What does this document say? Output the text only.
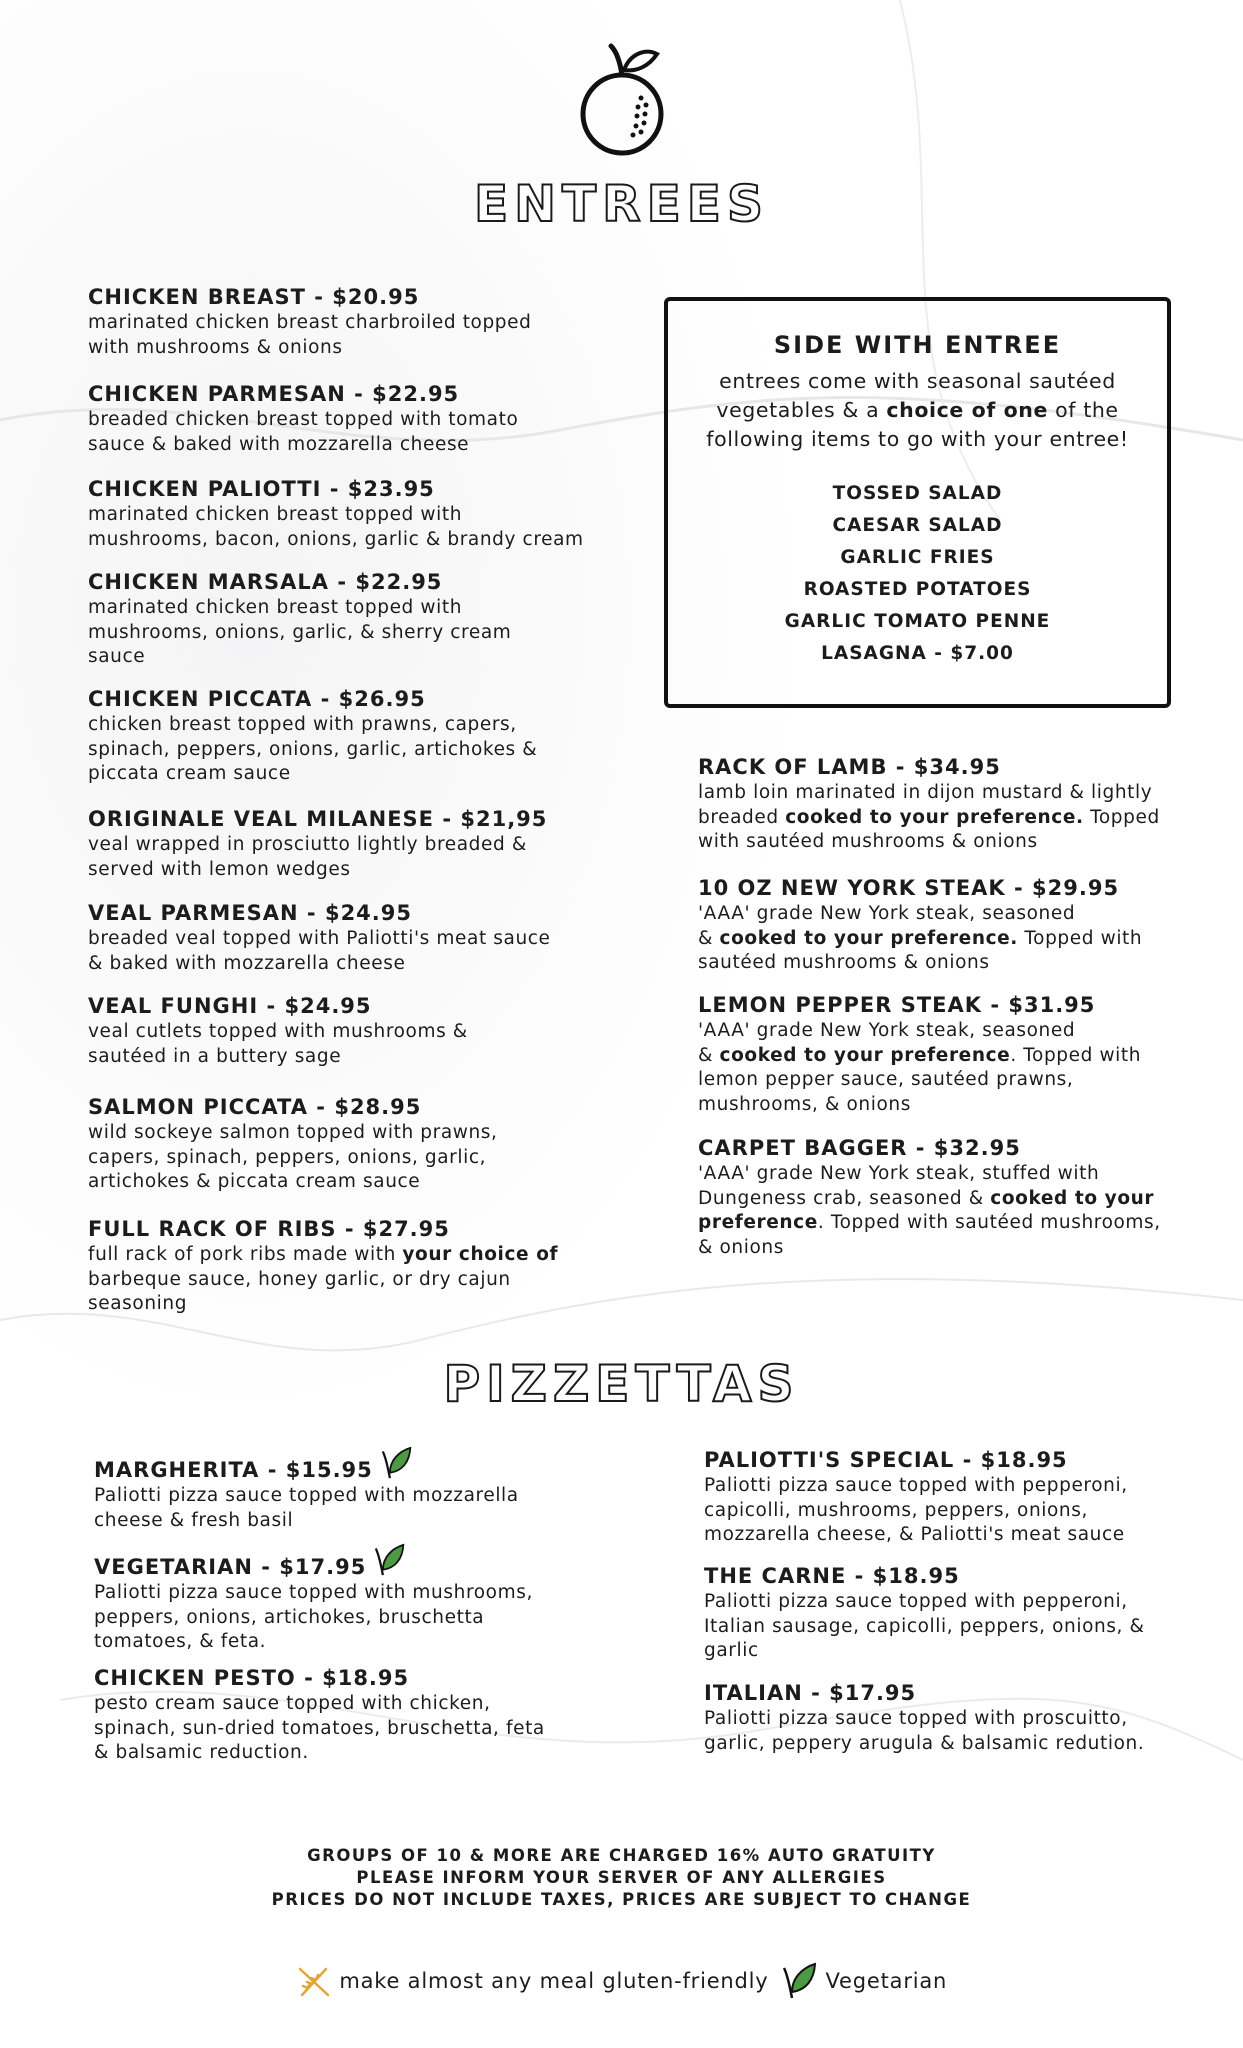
ENTREES
CHICKEN BREAST - $20.95
marinated chicken breast charbroiled topped
with mushrooms & onions
CHICKEN PARMESAN - $22.95
breaded chicken breast topped with tomato
sauce & baked with mozzarella cheese
CHICKEN PALIOTTI - $23.95
marinated chicken breast topped with
mushrooms, bacon, onions, garlic & brandy cream
CHICKEN MARSALA - $22.95
marinated chicken breast topped with
mushrooms, onions, garlic, & sherry cream
sauce
CHICKEN PICCATA - $26.95
chicken breast topped with prawns, capers,
spinach, peppers, onions, garlic, artichokes &
piccata cream sauce
ORIGINALE VEAL MILANESE - $21,95
veal wrapped in prosciutto lightly breaded &
served with lemon wedges
VEAL PARMESAN - $24.95
breaded veal topped with Paliotti's meat sauce
& baked with mozzarella cheese
VEAL FUNGHI - $24.95
veal cutlets topped with mushrooms &
sautéed in a buttery sage
SALMON PICCATA - $28.95
wild sockeye salmon topped with prawns,
capers, spinach, peppers, onions, garlic,
artichokes & piccata cream sauce
FULL RACK OF RIBS - $27.95
full rack of pork ribs made with your choice of
barbeque sauce, honey garlic, or dry cajun
seasoning
SIDE WITH ENTREE
entrees come with seasonal sautéed
vegetables & a choice of one of the
following items to go with your entree!
TOSSED SALAD
CAESAR SALAD
GARLIC FRIES
ROASTED POTATOES
GARLIC TOMATO PENNE
LASAGNA - $7.00
RACK OF LAMB - $34.95
lamb loin marinated in dijon mustard & lightly
breaded cooked to your preference. Topped
with sautéed mushrooms & onions
10 OZ NEW YORK STEAK - $29.95
'AAA' grade New York steak, seasoned
& cooked to your preference. Topped with
sautéed mushrooms & onions
LEMON PEPPER STEAK - $31.95
'AAA' grade New York steak, seasoned
& cooked to your preference. Topped with
lemon pepper sauce, sautéed prawns,
mushrooms, & onions
CARPET BAGGER - $32.95
'AAA' grade New York steak, stuffed with
Dungeness crab, seasoned & cooked to your
preference. Topped with sautéed mushrooms,
& onions
PIZZETTAS
MARGHERITA - $15.95
Paliotti pizza sauce topped with mozzarella
cheese & fresh basil
VEGETARIAN - $17.95
Paliotti pizza sauce topped with mushrooms,
peppers, onions, artichokes, bruschetta
tomatoes, & feta.
CHICKEN PESTO - $18.95
pesto cream sauce topped with chicken,
spinach, sun-dried tomatoes, bruschetta, feta
& balsamic reduction.
PALIOTTI'S SPECIAL - $18.95
Paliotti pizza sauce topped with pepperoni,
capicolli, mushrooms, peppers, onions,
mozzarella cheese, & Paliotti's meat sauce
THE CARNE - $18.95
Paliotti pizza sauce topped with pepperoni,
Italian sausage, capicolli, peppers, onions, &
garlic
ITALIAN - $17.95
Paliotti pizza sauce topped with proscuitto,
garlic, peppery arugula & balsamic redution.
GROUPS OF 10 & MORE ARE CHARGED 16% AUTO GRATUITY
PLEASE INFORM YOUR SERVER OF ANY ALLERGIES
PRICES DO NOT INCLUDE TAXES, PRICES ARE SUBJECT TO CHANGE
make almost any meal gluten-friendly	Vegetarian
